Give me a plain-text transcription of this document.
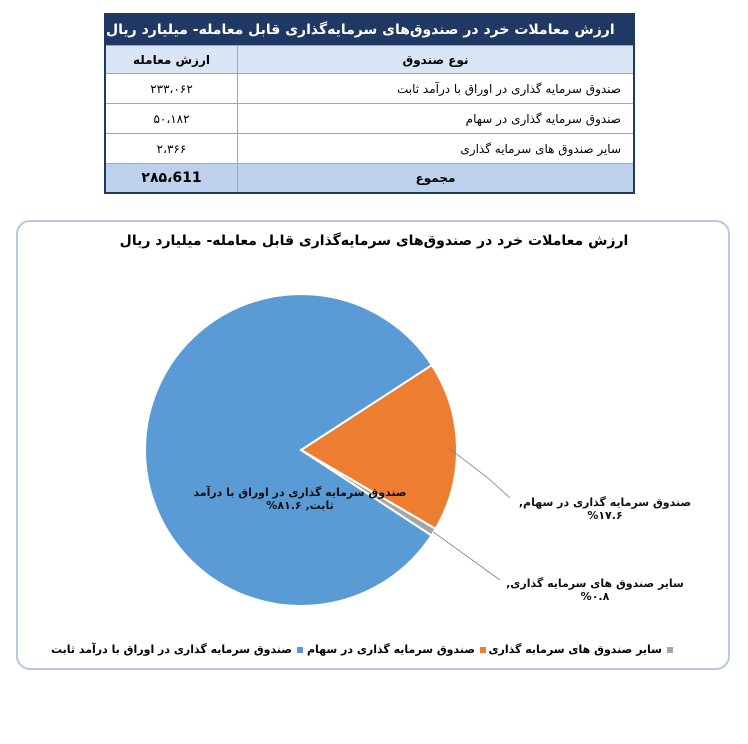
ارزش معاملات خرد در صندوق‌های سرمایه‌گذاری قابل معامله- میلیارد ریال
ارزش معامله	نوع صندوق
۲۳۳،۰۶۲	صندوق سرمایه گذاری در اوراق با درآمد ثابت
۵۰،۱۸۲	صندوق سرمایه گذاری در سهام
۲،۳۶۶	سایر صندوق های سرمایه گذاری
۲۸۵،611	مجموع
ارزش معاملات خرد در صندوق‌های سرمایه‌گذاری قابل معامله- میلیارد ریال
صندوق سرمایه گذاری در اوراق با درآمد
ثابت, ۸۱.۶%	صندوق سرمایه گذاری در سهام, ۱۷.۶%
سایر صندوق های سرمایه گذاری, ۰.۸%
صندوق سرمایه گذاری در اوراق با درآمد ثابت صندوق سرمایه گذاری در سهام سایر صندوق های سرمایه گذاری
